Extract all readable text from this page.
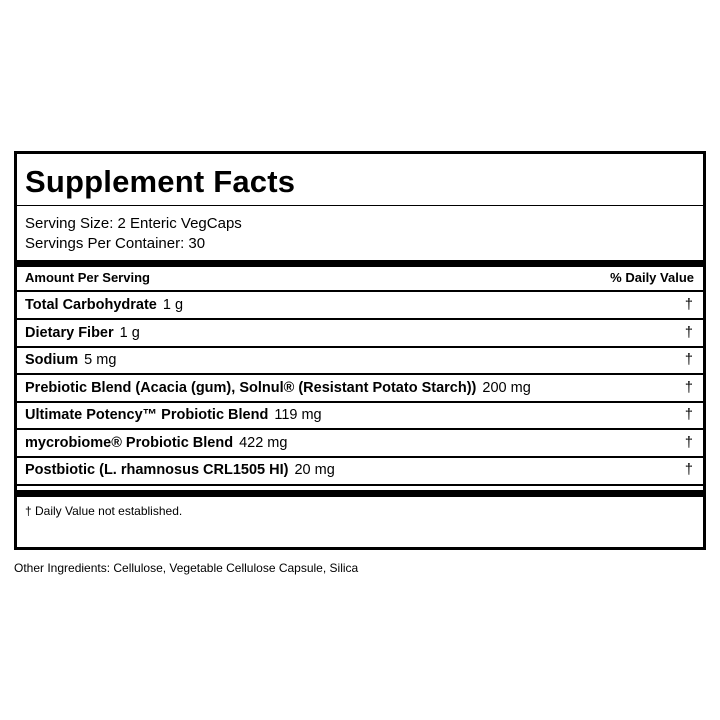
Supplement Facts
Serving Size: 2 Enteric VegCaps
Servings Per Container: 30
Amount Per Serving	% Daily Value
Total Carbohydrate 1 g	†
Dietary Fiber 1 g	†
Sodium 5 mg	†
Prebiotic Blend (Acacia (gum), Solnul® (Resistant Potato Starch)) 200 mg	†
Ultimate Potency™ Probiotic Blend 119 mg	†
mycrobiome® Probiotic Blend 422 mg	†
Postbiotic (L. rhamnosus CRL1505 HI) 20 mg	†
† Daily Value not established.
Other Ingredients: Cellulose, Vegetable Cellulose Capsule, Silica
